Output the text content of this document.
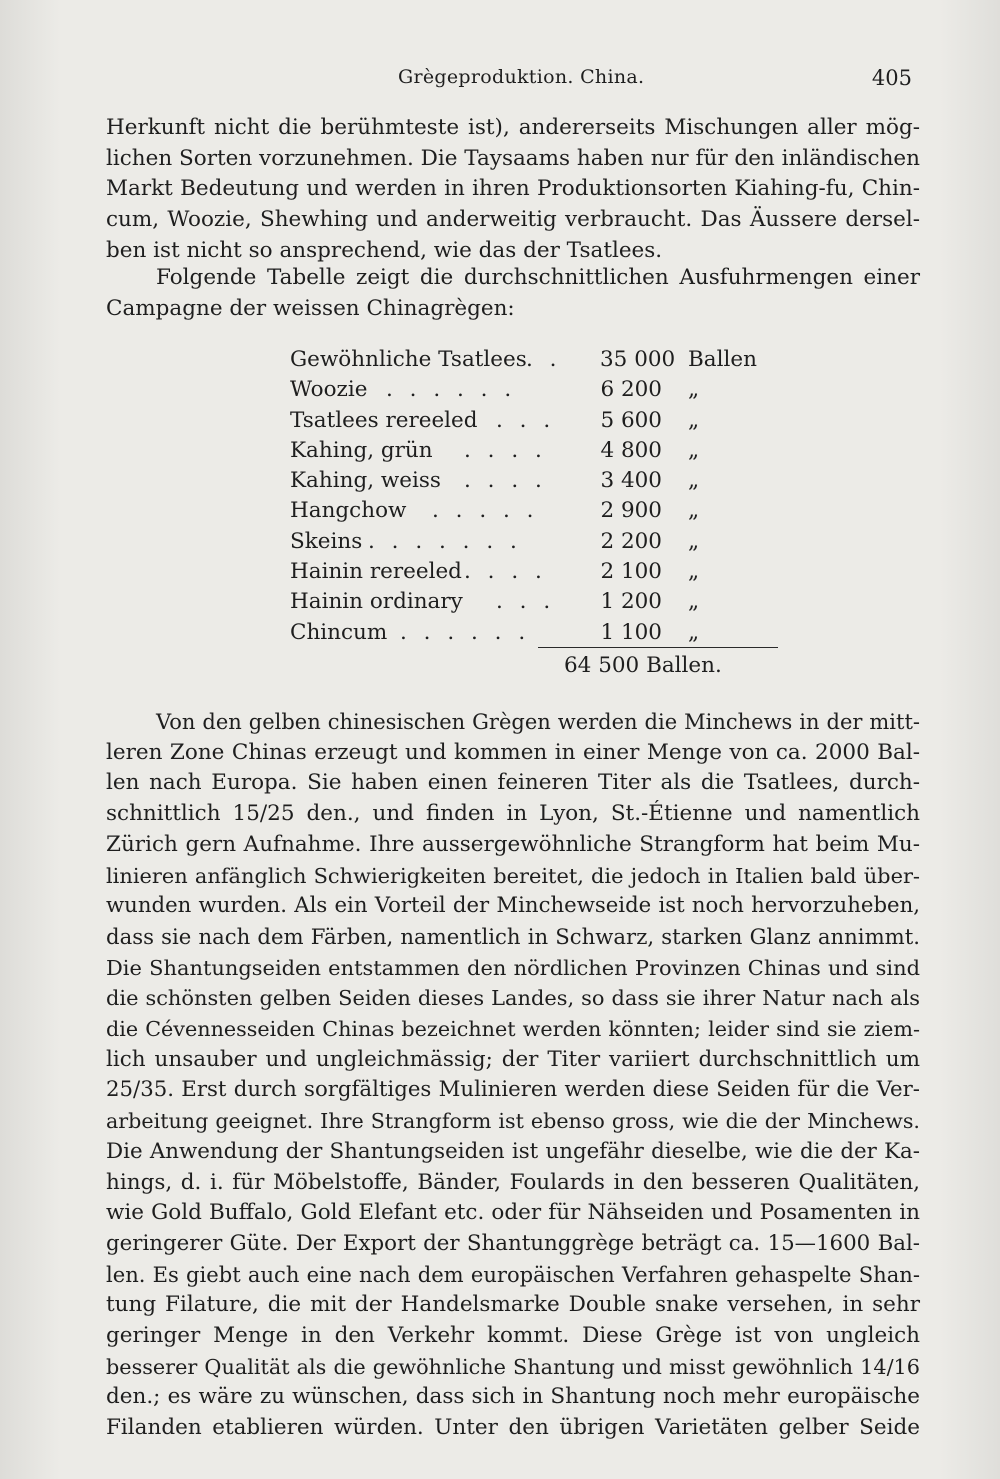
Grègeproduktion. China.	405
Herkunft nicht die berühmteste ist), andererseits Mischungen aller mög-
lichen Sorten vorzunehmen. Die Taysaams haben nur für den inländischen
Markt Bedeutung und werden in ihren Produktionsorten Kiahing-fu, Chin-
cum, Woozie, Shewhing und anderweitig verbraucht. Das Äussere dersel-
ben ist nicht so ansprechend, wie das der Tsatlees.
Folgende Tabelle zeigt die durchschnittlichen Ausfuhrmengen einer
Campagne der weissen Chinagrègen:
Gewöhnliche Tsatlees . . 35 000 Ballen
Woozie . . . . . .	6 200 „
Tsatlees rereeled . . . 5 600 „
Kahing, grün . . . . 4 800 „
Kahing, weiss . . . . 3 400 „
Hangchow . . . . .	2 900 „
Skeins . . . . . . .	2 200 „
Hainin rereeled . . . . 2 100 „
Hainin ordinary . . . 1 200 „
Chincum . . . . . .	1 100 „
64 500 Ballen.
Von den gelben chinesischen Grègen werden die Minchews in der mitt-
leren Zone Chinas erzeugt und kommen in einer Menge von ca. 2000 Bal-
len nach Europa. Sie haben einen feineren Titer als die Tsatlees, durch-
schnittlich 15/25 den., und finden in Lyon, St.-Étienne und namentlich
Zürich gern Aufnahme. Ihre aussergewöhnliche Strangform hat beim Mu-
linieren anfänglich Schwierigkeiten bereitet, die jedoch in Italien bald über-
wunden wurden. Als ein Vorteil der Minchewseide ist noch hervorzuheben,
dass sie nach dem Färben, namentlich in Schwarz, starken Glanz annimmt.
Die Shantungseiden entstammen den nördlichen Provinzen Chinas und sind
die schönsten gelben Seiden dieses Landes, so dass sie ihrer Natur nach als
die Cévennesseiden Chinas bezeichnet werden könnten; leider sind sie ziem-
lich unsauber und ungleichmässig; der Titer variiert durchschnittlich um
25/35. Erst durch sorgfältiges Mulinieren werden diese Seiden für die Ver-
arbeitung geeignet. Ihre Strangform ist ebenso gross, wie die der Minchews.
Die Anwendung der Shantungseiden ist ungefähr dieselbe, wie die der Ka-
hings, d. i. für Möbelstoffe, Bänder, Foulards in den besseren Qualitäten,
wie Gold Buffalo, Gold Elefant etc. oder für Nähseiden und Posamenten in
geringerer Güte. Der Export der Shantunggrège beträgt ca. 15—1600 Bal-
len. Es giebt auch eine nach dem europäischen Verfahren gehaspelte Shan-
tung Filature, die mit der Handelsmarke Double snake versehen, in sehr
geringer Menge in den Verkehr kommt. Diese Grège ist von ungleich
besserer Qualität als die gewöhnliche Shantung und misst gewöhnlich 14/16
den.; es wäre zu wünschen, dass sich in Shantung noch mehr europäische
Filanden etablieren würden. Unter den übrigen Varietäten gelber Seide
